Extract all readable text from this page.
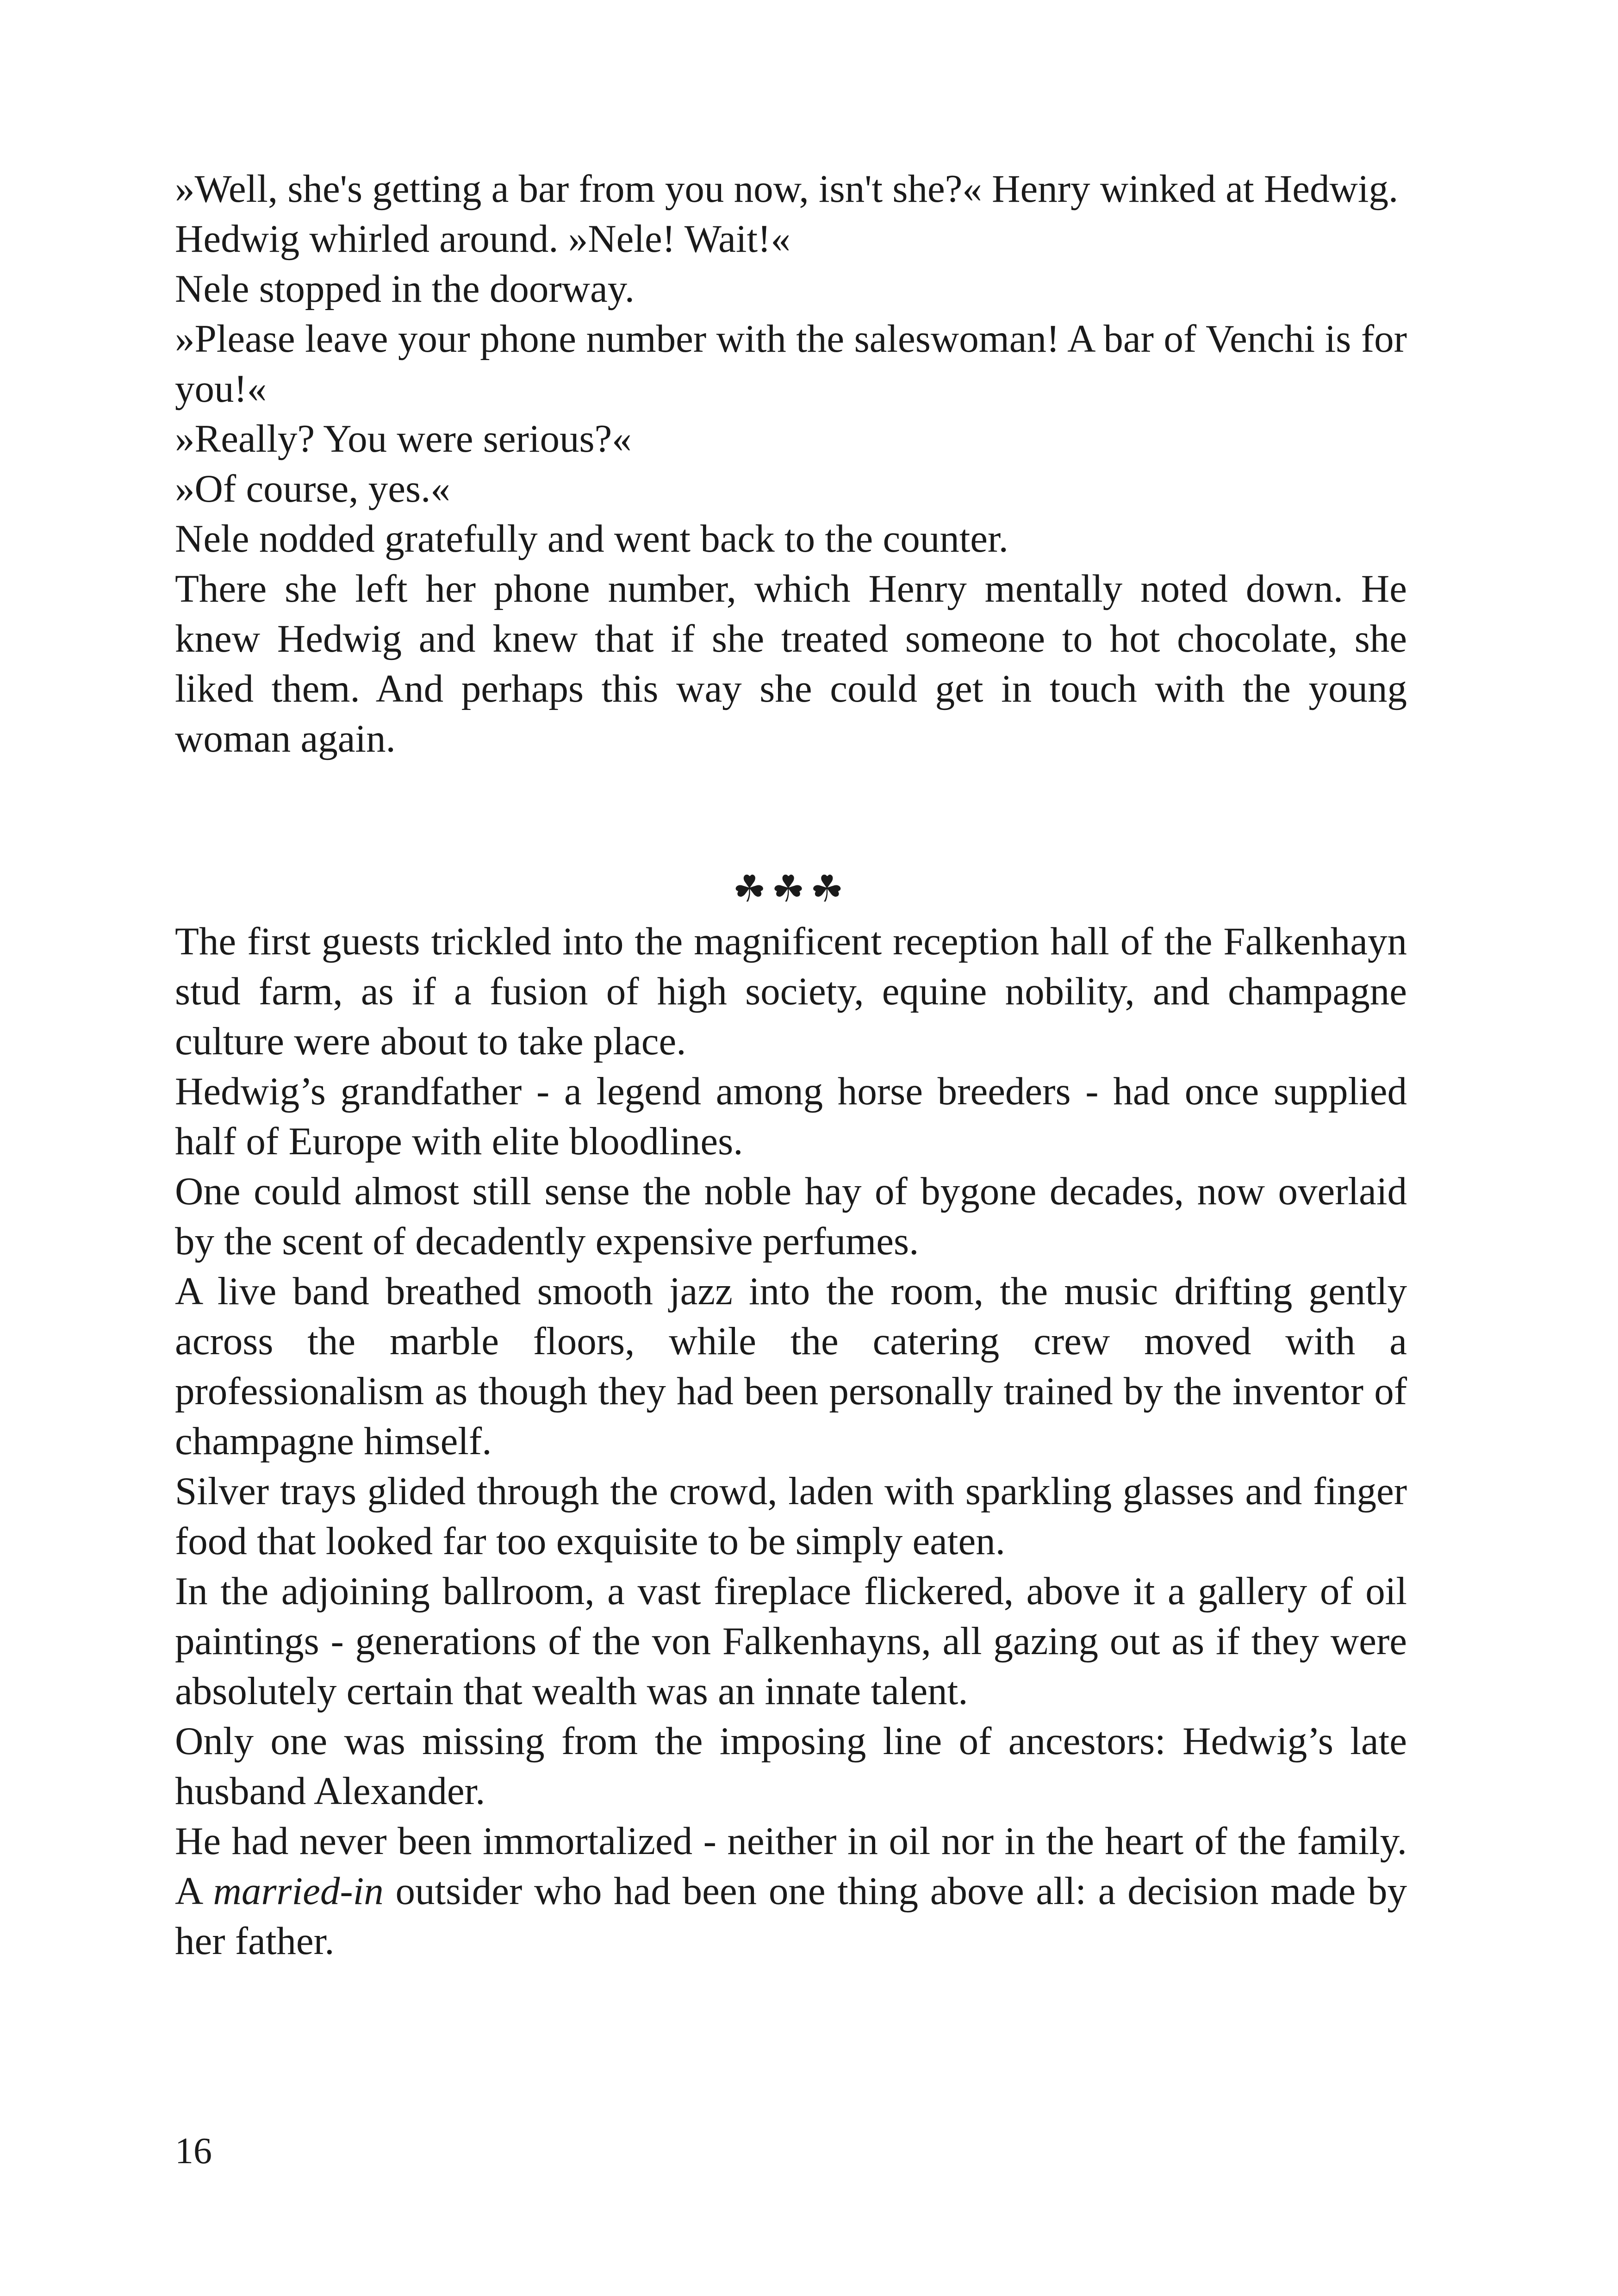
»Well, she's getting a bar from you now, isn't she?« Henry winked at Hedwig.

Hedwig whirled around. »Nele! Wait!«

Nele stopped in the doorway.

»Please leave your phone number with the saleswoman! A bar of Venchi is for you!«

»Really? You were serious?«

»Of course, yes.«

Nele nodded gratefully and went back to the counter.

There she left her phone number, which Henry mentally noted down. He knew Hedwig and knew that if she treated someone to hot chocolate, she liked them. And perhaps this way she could get in touch with the young woman again.

☘☘☘

The first guests trickled into the magnificent reception hall of the Falkenhayn stud farm, as if a fusion of high society, equine nobility, and champagne culture were about to take place.

Hedwig’s grandfather - a legend among horse breeders - had once supplied half of Europe with elite bloodlines.

One could almost still sense the noble hay of bygone decades, now overlaid by the scent of decadently expensive perfumes.

A live band breathed smooth jazz into the room, the music drifting gently across the marble floors, while the catering crew moved with a professionalism as though they had been personally trained by the inventor of champagne himself.

Silver trays glided through the crowd, laden with sparkling glasses and finger food that looked far too exquisite to be simply eaten.

In the adjoining ballroom, a vast fireplace flickered, above it a gallery of oil paintings - generations of the von Falkenhayns, all gazing out as if they were absolutely certain that wealth was an innate talent.

Only one was missing from the imposing line of ancestors: Hedwig’s late husband Alexander.

He had never been immortalized - neither in oil nor in the heart of the family. A married-in outsider who had been one thing above all: a decision made by her father.

16
